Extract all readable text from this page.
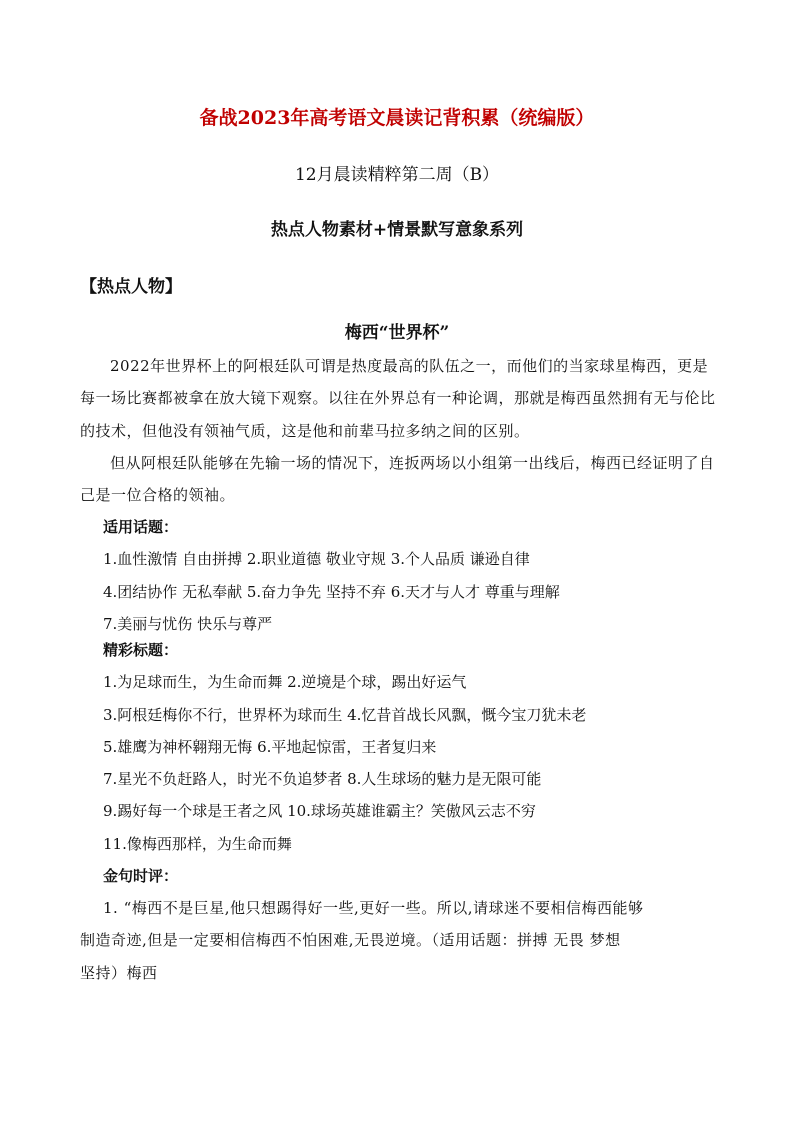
备战2023年高考语文晨读记背积累（统编版）
12月晨读精粹第二周（B）
热点人物素材+情景默写意象系列
【热点人物】
梅西“世界杯”

2022年世界杯上的阿根廷队可谓是热度最高的队伍之一，而他们的当家球星梅西，更是每一场比赛都被拿在放大镜下观察。以往在外界总有一种论调，那就是梅西虽然拥有无与伦比的技术，但他没有领袖气质，这是他和前辈马拉多纳之间的区别。

但从阿根廷队能够在先输一场的情况下，连扳两场以小组第一出线后，梅西已经证明了自己是一位合格的领袖。

适用话题：
1.血性激情 自由拼搏 2.职业道德 敬业守规 3.个人品质 谦逊自律
4.团结协作 无私奉献 5.奋力争先 坚持不弃 6.天才与人才 尊重与理解
7.美丽与忧伤 快乐与尊严
精彩标题：
1.为足球而生，为生命而舞 2.逆境是个球，踢出好运气
3.阿根廷梅你不行，世界杯为球而生 4.忆昔首战长风飘，慨今宝刀犹未老
5.雄鹰为神杯翱翔无悔 6.平地起惊雷，王者复归来
7.星光不负赶路人，时光不负追梦者 8.人生球场的魅力是无限可能
9.踢好每一个球是王者之风 10.球场英雄谁霸主？笑傲风云志不穷
11.像梅西那样，为生命而舞
金句时评：
1. “梅西不是巨星,他只想踢得好一些,更好一些。所以,请球迷不要相信梅西能够
制造奇迹,但是一定要相信梅西不怕困难,无畏逆境。（适用话题：拼搏 无畏 梦想
坚持）梅西
